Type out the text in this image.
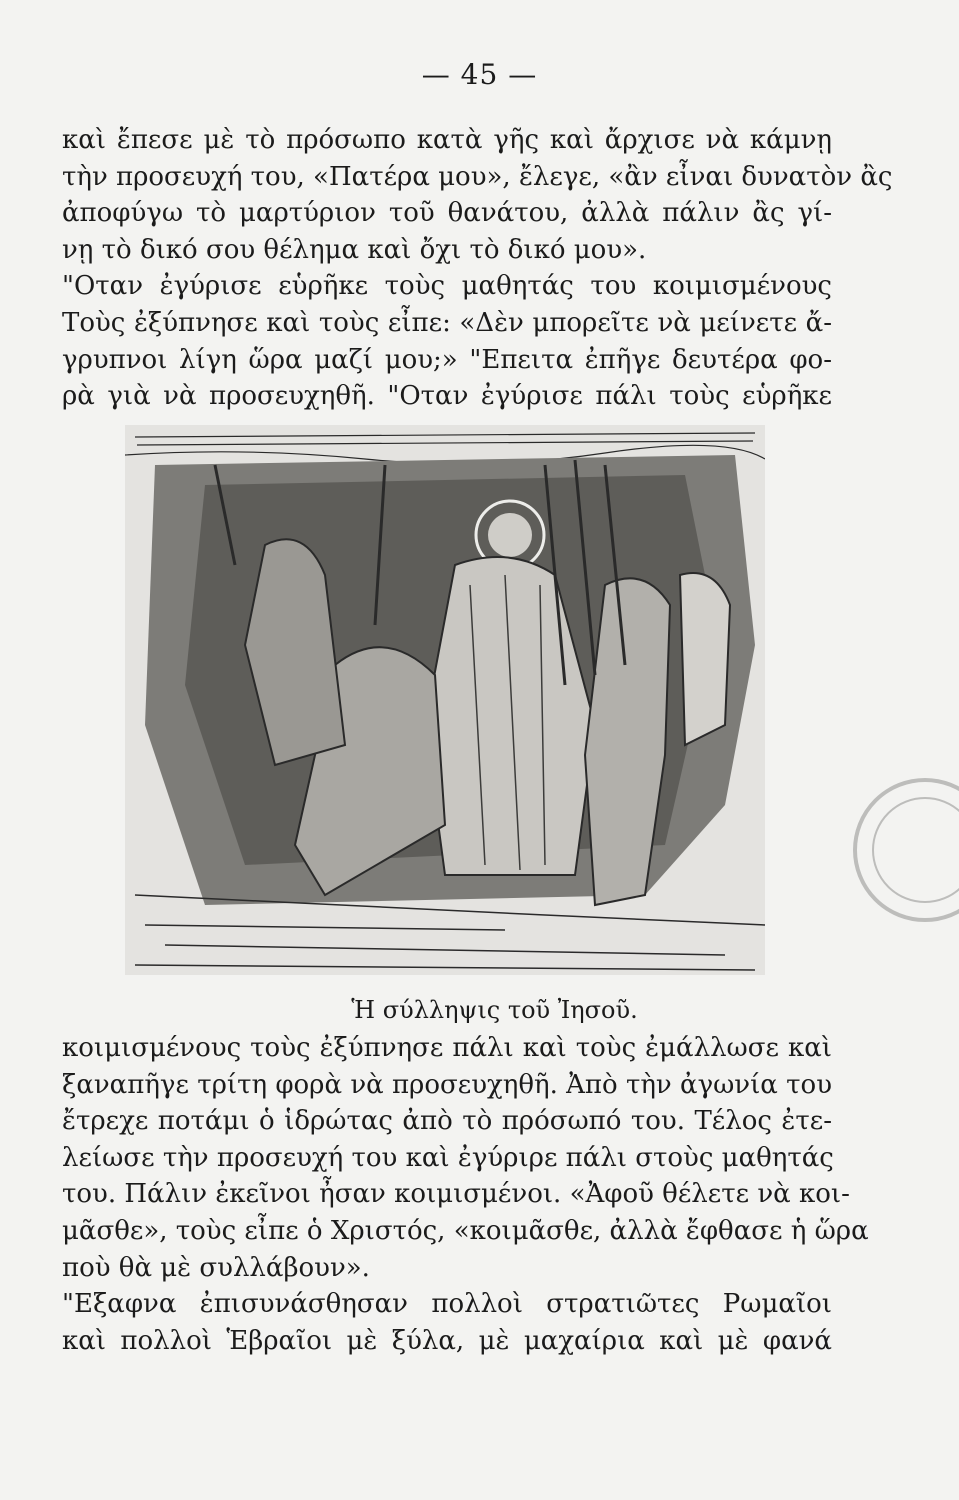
— 45 —
καὶ ἔπεσε μὲ τὸ πρόσωπο κατὰ γῆς καὶ ἄρχισε νὰ κάμνῃ
τὴν προσευχή του, «Πατέρα μου», ἔλεγε, «ἂν εἶναι δυνατὸν ἂς
ἀποφύγω τὸ μαρτύριον τοῦ θανάτου, ἀλλὰ πάλιν ἂς γί-
νῃ τὸ δικό σου θέλημα καὶ ὄχι τὸ δικό μου».
"Οταν ἐγύρισε εὑρῆκε τοὺς μαθητάς του κοιμισμένους
Τοὺς ἐξύπνησε καὶ τοὺς εἶπε: «Δὲν μπορεῖτε νὰ μείνετε ἄ-
γρυπνοι λίγη ὥρα μαζί μου;» "Επειτα ἐπῆγε δευτέρα φο-
ρὰ γιὰ νὰ προσευχηθῆ. "Οταν ἐγύρισε πάλι τοὺς εὑρῆκε
Ἡ σύλληψις τοῦ Ἰησοῦ.
κοιμισμένους τοὺς ἐξύπνησε πάλι καὶ τοὺς ἐμάλλωσε καὶ
ξαναπῆγε τρίτη φορὰ νὰ προσευχηθῆ. Ἀπὸ τὴν ἀγωνία του
ἔτρεχε ποτάμι ὁ ἱδρώτας ἀπὸ τὸ πρόσωπό του. Τέλος ἐτε-
λείωσε τὴν προσευχή του καὶ ἐγύριρε πάλι στοὺς μαθητάς
του. Πάλιν ἐκεῖνοι ἦσαν κοιμισμένοι. «Ἀφοῦ θέλετε νὰ κοι-
μᾶσθε», τοὺς εἶπε ὁ Χριστός, «κοιμᾶσθε, ἀλλὰ ἔφθασε ἡ ὥρα
ποὺ θὰ μὲ συλλάβουν».
"Εξαφνα ἐπισυνάσθησαν πολλοὶ στρατιῶτες Ρωμαῖοι
καὶ πολλοὶ Ἑβραῖοι μὲ ξύλα, μὲ μαχαίρια καὶ μὲ φανά
